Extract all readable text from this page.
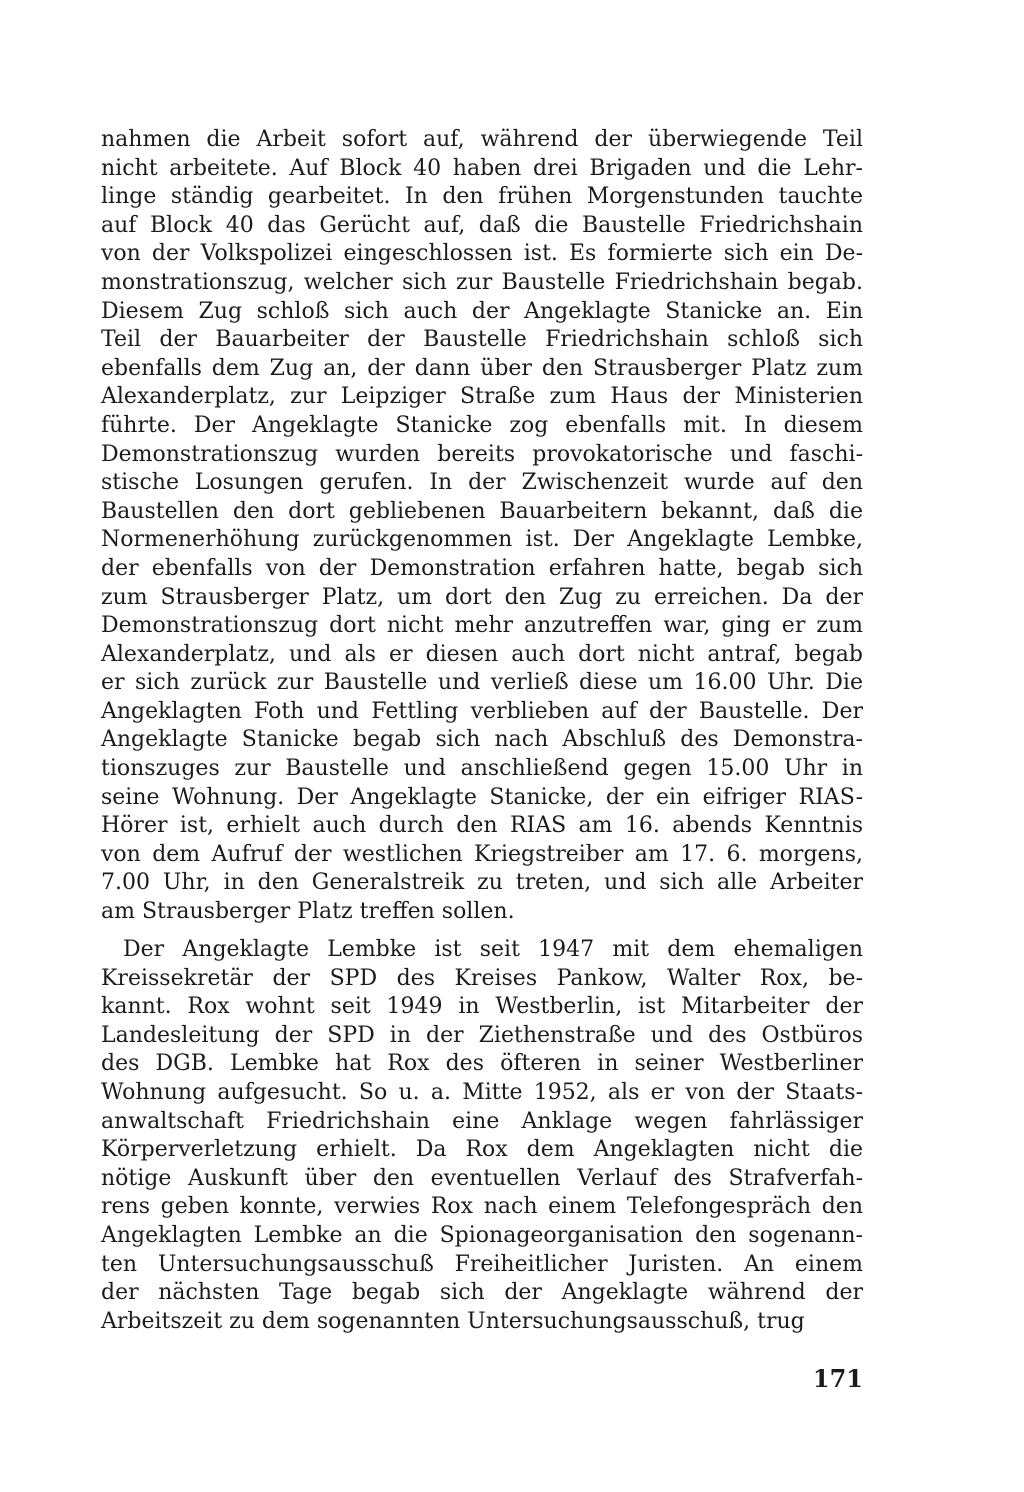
nahmen die Arbeit sofort auf, während der überwiegende Teil
nicht arbeitete. Auf Block 40 haben drei Brigaden und die Lehr-
linge ständig gearbeitet. In den frühen Morgenstunden tauchte
auf Block 40 das Gerücht auf, daß die Baustelle Friedrichshain
von der Volkspolizei eingeschlossen ist. Es formierte sich ein De-
monstrationszug, welcher sich zur Baustelle Friedrichshain begab.
Diesem Zug schloß sich auch der Angeklagte Stanicke an. Ein
Teil der Bauarbeiter der Baustelle Friedrichshain schloß sich
ebenfalls dem Zug an, der dann über den Strausberger Platz zum
Alexanderplatz, zur Leipziger Straße zum Haus der Ministerien
führte. Der Angeklagte Stanicke zog ebenfalls mit. In diesem
Demonstrationszug wurden bereits provokatorische und faschi-
stische Losungen gerufen. In der Zwischenzeit wurde auf den
Baustellen den dort gebliebenen Bauarbeitern bekannt, daß die
Normenerhöhung zurückgenommen ist. Der Angeklagte Lembke,
der ebenfalls von der Demonstration erfahren hatte, begab sich
zum Strausberger Platz, um dort den Zug zu erreichen. Da der
Demonstrationszug dort nicht mehr anzutreffen war, ging er zum
Alexanderplatz, und als er diesen auch dort nicht antraf, begab
er sich zurück zur Baustelle und verließ diese um 16.00 Uhr. Die
Angeklagten Foth und Fettling verblieben auf der Baustelle. Der
Angeklagte Stanicke begab sich nach Abschluß des Demonstra-
tionszuges zur Baustelle und anschließend gegen 15.00 Uhr in
seine Wohnung. Der Angeklagte Stanicke, der ein eifriger RIAS-
Hörer ist, erhielt auch durch den RIAS am 16. abends Kenntnis
von dem Aufruf der westlichen Kriegstreiber am 17. 6. morgens,
7.00 Uhr, in den Generalstreik zu treten, und sich alle Arbeiter
am Strausberger Platz treffen sollen.
Der Angeklagte Lembke ist seit 1947 mit dem ehemaligen
Kreissekretär der SPD des Kreises Pankow, Walter Rox, be-
kannt. Rox wohnt seit 1949 in Westberlin, ist Mitarbeiter der
Landesleitung der SPD in der Ziethenstraße und des Ostbüros
des DGB. Lembke hat Rox des öfteren in seiner Westberliner
Wohnung aufgesucht. So u. a. Mitte 1952, als er von der Staats-
anwaltschaft Friedrichshain eine Anklage wegen fahrlässiger
Körperverletzung erhielt. Da Rox dem Angeklagten nicht die
nötige Auskunft über den eventuellen Verlauf des Strafverfah-
rens geben konnte, verwies Rox nach einem Telefongespräch den
Angeklagten Lembke an die Spionageorganisation den sogenann-
ten Untersuchungsausschuß Freiheitlicher Juristen. An einem
der nächsten Tage begab sich der Angeklagte während der
Arbeitszeit zu dem sogenannten Untersuchungsausschuß, trug
171
